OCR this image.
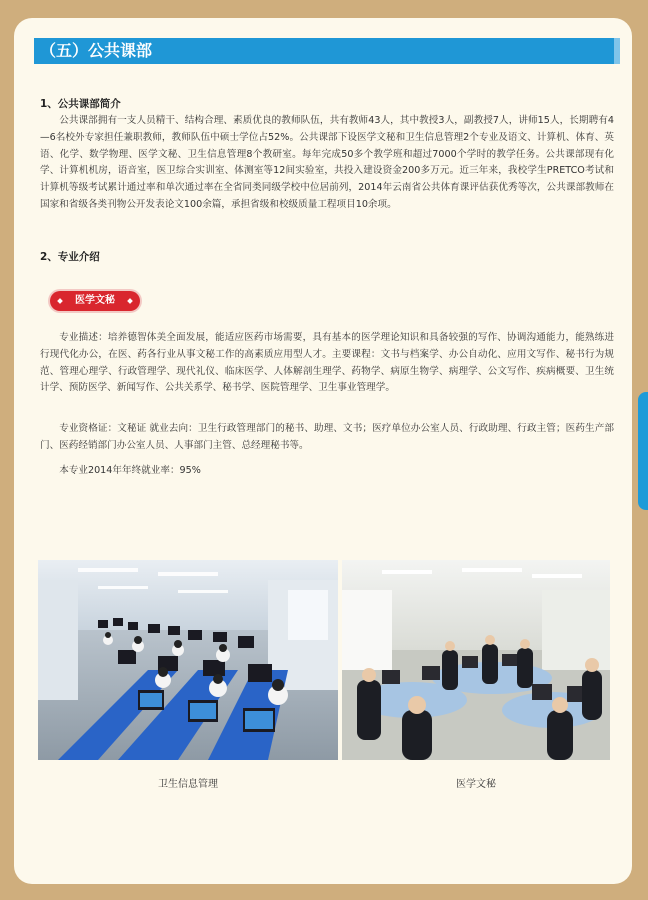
（五）公共课部
1、公共课部简介

公共课部拥有一支人员精干、结构合理、素质优良的教师队伍，共有教师43人，其中教授3人，副教授7人，讲师15人，长期聘有4—6名校外专家担任兼职教师，教师队伍中硕士学位占52%。公共课部下设医学文秘和卫生信息管理2个专业及语文、计算机、体育、英语、化学、数学物理、医学文秘、卫生信息管理8个教研室。每年完成50多个教学班和超过7000个学时的教学任务。公共课部现有化学、计算机机房，语音室，医卫综合实训室、体测室等12间实验室，共投入建设资金200多万元。近三年来，我校学生PRETCO考试和计算机等级考试累计通过率和单次通过率在全省同类同级学校中位居前列，2014年云南省公共体育课评估获优秀等次，公共课部教师在国家和省级各类刊物公开发表论文100余篇，承担省级和校级质量工程项目10余项。

2、专业介绍
医学文秘

专业描述：培养德智体美全面发展，能适应医药市场需要，具有基本的医学理论知识和具备较强的写作、协调沟通能力，能熟练进行现代化办公，在医、药各行业从事文秘工作的高素质应用型人才。主要课程：文书与档案学、办公自动化、应用文写作、秘书行为规范、管理心理学、行政管理学、现代礼仪、临床医学、人体解剖生理学、药物学、病原生物学、病理学、公文写作、疾病概要、卫生统计学、预防医学、新闻写作、公共关系学、秘书学、医院管理学、卫生事业管理学。

专业资格证：文秘证 就业去向：卫生行政管理部门的秘书、助理、文书；医疗单位办公室人员、行政助理、行政主管；医药生产部门、医药经销部门办公室人员、人事部门主管、总经理秘书等。

本专业2014年年终就业率：95%

卫生信息管理	医学文秘
